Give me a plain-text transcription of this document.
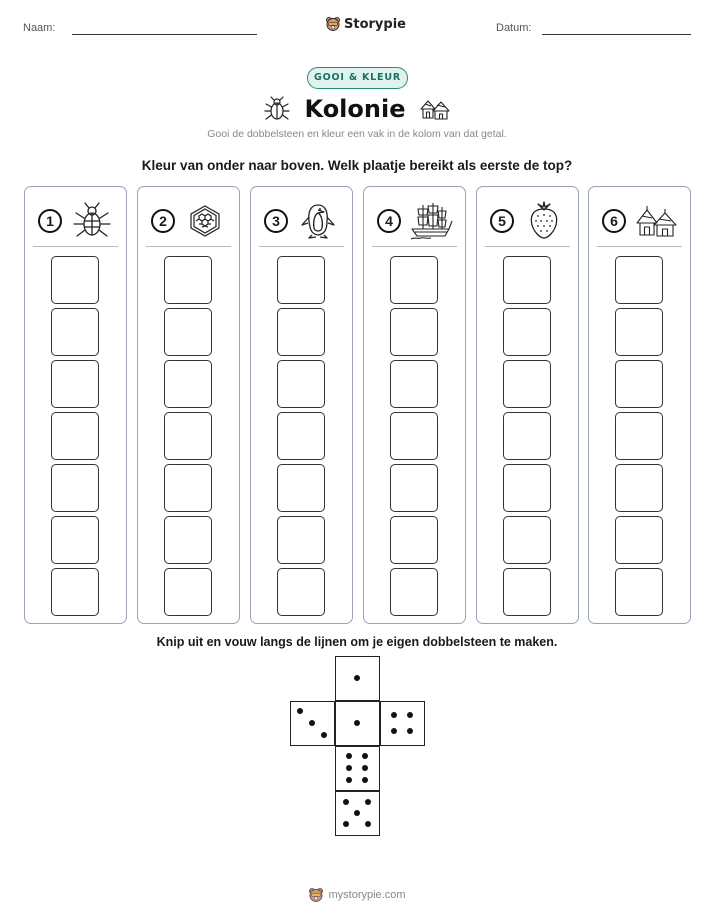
Naam:	Storypie	Datum:
GOOI & KLEUR
Kolonie
Gooi de dobbelsteen en kleur een vak in de kolom van dat getal.
Kleur van onder naar boven. Welk plaatje bereikt als eerste de top?
1	2	3	4	5	6
Knip uit en vouw langs de lijnen om je eigen dobbelsteen te maken.
mystorypie.com
